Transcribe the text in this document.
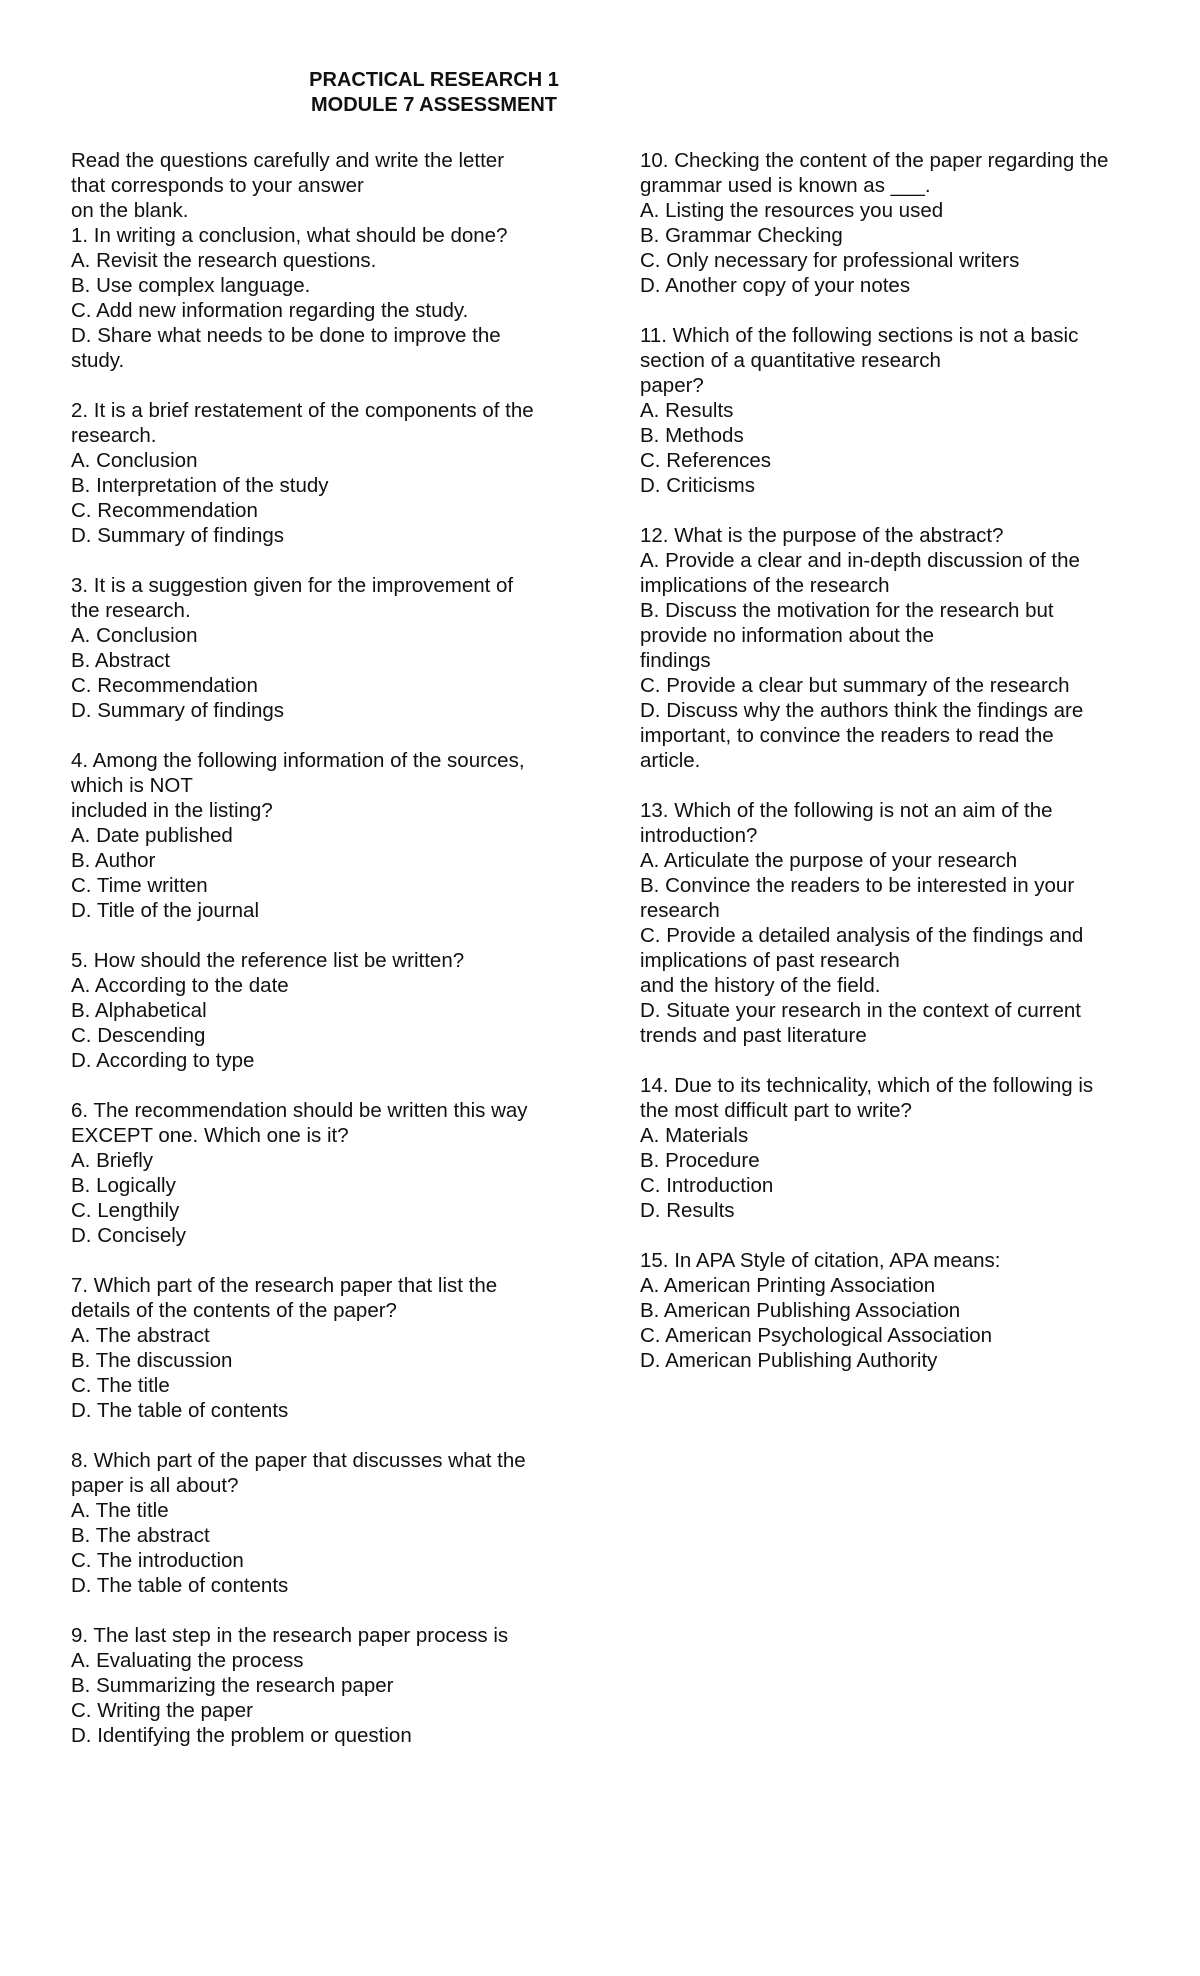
PRACTICAL RESEARCH 1
MODULE 7 ASSESSMENT
Read the questions carefully and write the letter
that corresponds to your answer
on the blank.
1. In writing a conclusion, what should be done?
A. Revisit the research questions.
B. Use complex language.
C. Add new information regarding the study.
D. Share what needs to be done to improve the
study.
2. It is a brief restatement of the components of the
research.
A. Conclusion
B. Interpretation of the study
C. Recommendation
D. Summary of findings
3. It is a suggestion given for the improvement of
the research.
A. Conclusion
B. Abstract
C. Recommendation
D. Summary of findings
4. Among the following information of the sources,
which is NOT
included in the listing?
A. Date published
B. Author
C. Time written
D. Title of the journal
5. How should the reference list be written?
A. According to the date
B. Alphabetical
C. Descending
D. According to type
6. The recommendation should be written this way
EXCEPT one. Which one is it?
A. Briefly
B. Logically
C. Lengthily
D. Concisely
7. Which part of the research paper that list the
details of the contents of the paper?
A. The abstract
B. The discussion
C. The title
D. The table of contents
8. Which part of the paper that discusses what the
paper is all about?
A. The title
B. The abstract
C. The introduction
D. The table of contents
9. The last step in the research paper process is
A. Evaluating the process
B. Summarizing the research paper
C. Writing the paper
D. Identifying the problem or question
10. Checking the content of the paper regarding the
grammar used is known as ___.
A. Listing the resources you used
B. Grammar Checking
C. Only necessary for professional writers
D. Another copy of your notes
11. Which of the following sections is not a basic
section of a quantitative research
paper?
A. Results
B. Methods
C. References
D. Criticisms
12. What is the purpose of the abstract?
A. Provide a clear and in-depth discussion of the
implications of the research
B. Discuss the motivation for the research but
provide no information about the
findings
C. Provide a clear but summary of the research
D. Discuss why the authors think the findings are
important, to convince the readers to read the
article.
13. Which of the following is not an aim of the
introduction?
A. Articulate the purpose of your research
B. Convince the readers to be interested in your
research
C. Provide a detailed analysis of the findings and
implications of past research
and the history of the field.
D. Situate your research in the context of current
trends and past literature
14. Due to its technicality, which of the following is
the most difficult part to write?
A. Materials
B. Procedure
C. Introduction
D. Results
15. In APA Style of citation, APA means:
A. American Printing Association
B. American Publishing Association
C. American Psychological Association
D. American Publishing Authority
